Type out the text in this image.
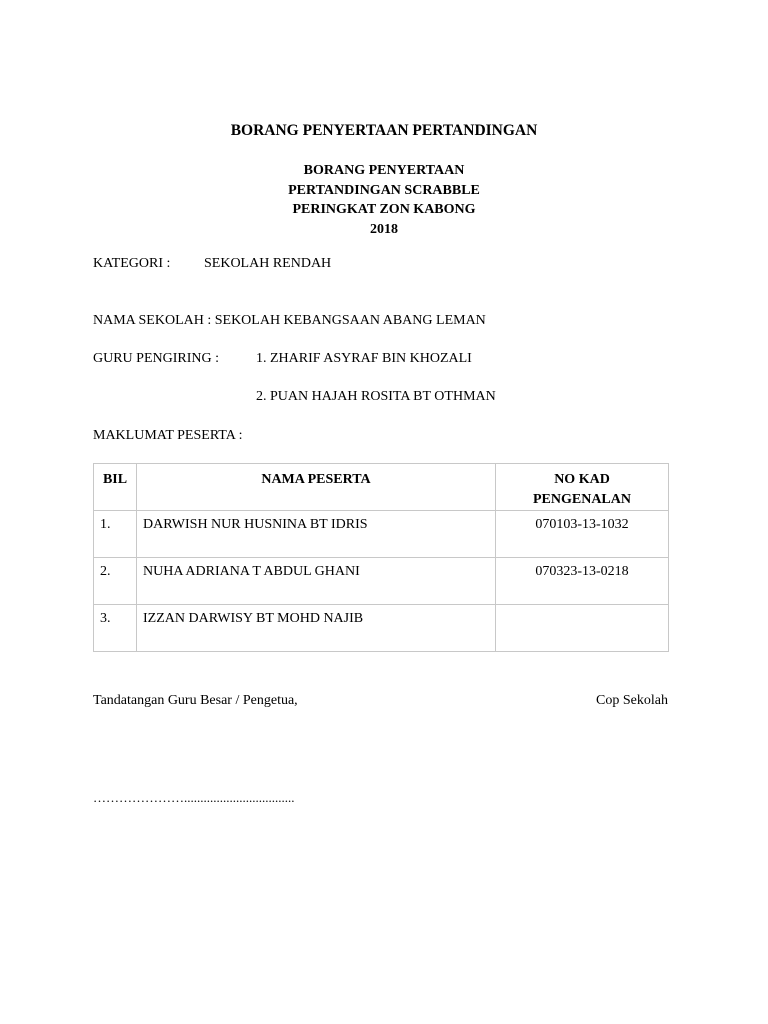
BORANG PENYERTAAN PERTANDINGAN
BORANG PENYERTAAN
PERTANDINGAN SCRABBLE
PERINGKAT ZON KABONG
2018
KATEGORI : SEKOLAH RENDAH
NAMA SEKOLAH : SEKOLAH KEBANGSAAN ABANG LEMAN
GURU PENGIRING :	1. ZHARIF ASYRAF BIN KHOZALI
2. PUAN HAJAH ROSITA BT OTHMAN
MAKLUMAT PESERTA :
BIL	NAMA PESERTA	NO KAD
PENGENALAN
1.	DARWISH NUR HUSNINA BT IDRIS	070103-13-1032
2.	NUHA ADRIANA T ABDUL GHANI	070323-13-0218
3.	IZZAN DARWISY BT MOHD NAJIB	
Tandatangan Guru Besar / Pengetua,	Cop Sekolah
…………………..................................
